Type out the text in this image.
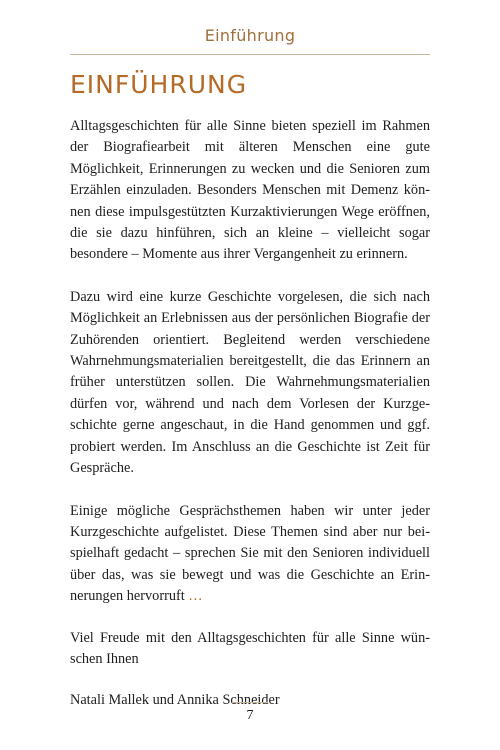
Einführung
EINFÜHRUNG

Alltagsgeschichten für alle Sinne bieten speziell im Rahmen der Biografiearbeit mit älteren Menschen eine gute Möglichkeit, Erinnerungen zu wecken und die Senioren zum Erzählen einzuladen. Besonders Menschen mit Demenz können diese impulsgestützten Kurzaktivierungen Wege eröffnen, die sie dazu hinführen, sich an kleine – vielleicht sogar besondere – Momente aus ihrer Vergangenheit zu erinnern.

Dazu wird eine kurze Geschichte vorgelesen, die sich nach Möglichkeit an Erlebnissen aus der persönlichen Biografie der Zuhörenden orientiert. Begleitend werden verschiedene Wahrnehmungsmaterialien bereitgestellt, die das Erinnern an früher unterstützen sollen. Die Wahrnehmungsmaterialien dürfen vor, während und nach dem Vorlesen der Kurzgeschichte gerne angeschaut, in die Hand genommen und ggf. probiert werden. Im Anschluss an die Geschichte ist Zeit für Gespräche.

Einige mögliche Gesprächsthemen haben wir unter jeder Kurzgeschichte aufgelistet. Diese Themen sind aber nur beispielhaft gedacht – sprechen Sie mit den Senioren individuell über das, was sie bewegt und was die Geschichte an Erinnerungen hervorruft …

Viel Freude mit den Alltagsgeschichten für alle Sinne wünschen Ihnen

Natali Mallek und Annika Schneider

7
